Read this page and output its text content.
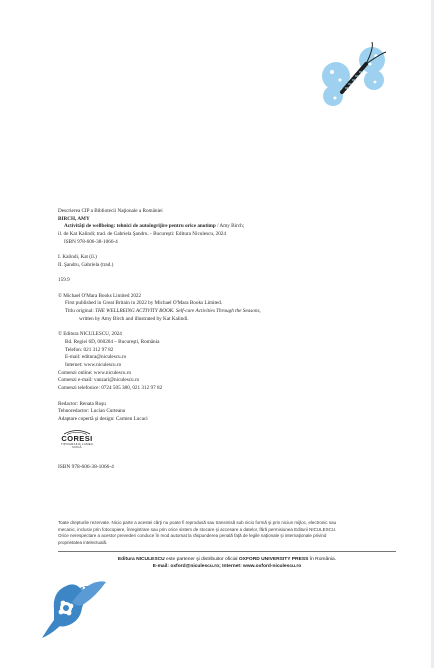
Descrierea CIP a Bibliotecii Naţionale a României
BIRCH, AMY
Activităţi de wellbeing: tehnici de autoîngrijire pentru orice anotimp / Amy Birch;
il. de Kat Kalindi; trad. de Gabriela Şandru. - Bucureşti: Editura Niculescu, 2024
ISBN 978-606-38-1066-4
I. Kalindi, Kat (il.)
II. Şandru, Gabriela (trad.)
159.9
© Michael O'Mara Books Limited 2022
First published in Great Britain in 2022 by Michael O'Mara Books Limited.
Titlu original: THE WELLBEING ACTIVITY BOOK. Self-care Activities Through the Seasons,
written by Amy Birch and illustrated by Kat Kalindi.
© Editura NICULESCU, 2024
Bd. Regiei 6D, 060204 – Bucureşti, România
Telefon: 021 312 97 82
E-mail: editura@niculescu.ro
Internet: www.niculescu.ro
Comenzi online: www.niculescu.ro
Comenzi e-mail: vanzari@niculescu.ro
Comenzi telefonice: 0724 505 380, 021 312 97 82
Redactor: Renata Roşu
Tehnoredactor: Lucian Curteanu
Adaptare copertă şi design: Carmen Lucaci
CORESI
TIPOGRAFIA LUMEA NOUĂ
ISBN 978-606-38-1066-4
Toate drepturile rezervate. Nicio parte a acestei cărţi nu poate fi reprodusă sau transmisă sub nicio formă şi prin niciun mijloc, electronic sau
mecanic, inclusiv prin fotocopiere, înregistrare sau prin orice sistem de stocare şi accesare a datelor, fără permisiunea Editurii NICULESCU.
Orice nerespectare a acestor prevederi conduce în mod automat la răspunderea penală faţă de legile naţionale şi internaţionale privind
proprietatea intelectuală.
Editura NICULESCU este partener şi distribuitor oficial OXFORD UNIVERSITY PRESS în România.
E-mail: oxford@niculescu.ro; Internet: www.oxford-niculescu.ro
